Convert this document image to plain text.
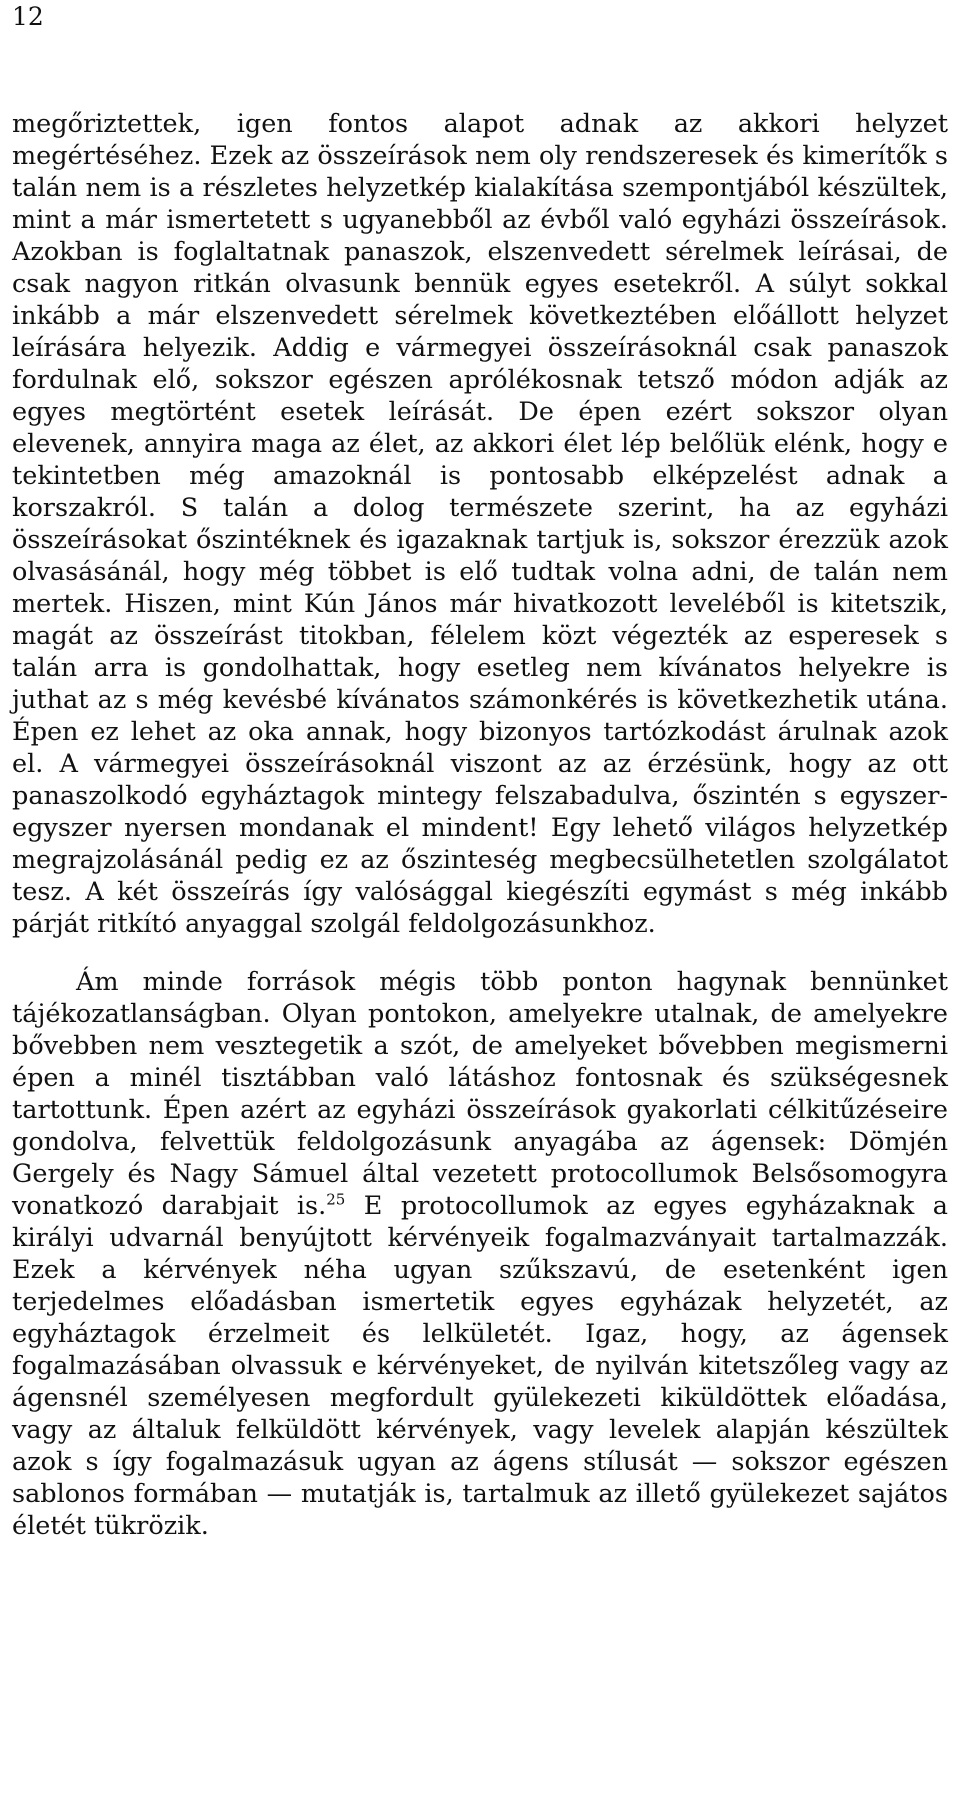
12

megőriztettek, igen fontos alapot adnak az akkori helyzet megértéséhez. Ezek az összeírások nem oly rendszeresek és kimerítők s talán nem is a részletes helyzetkép kialakítása szempontjából készültek, mint a már ismertetett s ugyanebből az évből való egyházi összeírások. Azokban is foglaltatnak panaszok, elszenvedett sérelmek leírásai, de csak nagyon ritkán olvasunk bennük egyes esetekről. A súlyt sokkal inkább a már elszenvedett sérelmek következtében előállott helyzet leírására helyezik. Addig e vármegyei összeírásoknál csak panaszok fordulnak elő, sokszor egészen aprólékosnak tetsző módon adják az egyes megtörtént esetek leírását. De épen ezért sokszor olyan elevenek, annyira maga az élet, az akkori élet lép belőlük elénk, hogy e tekintetben még amazoknál is pontosabb elképzelést adnak a korszakról. S talán a dolog természete szerint, ha az egyházi összeírásokat őszintéknek és igazaknak tartjuk is, sokszor érezzük azok olvasásánál, hogy még többet is elő tudtak volna adni, de talán nem mertek. Hiszen, mint Kún János már hivatkozott leveléből is kitetszik, magát az összeírást titokban, félelem közt végezték az esperesek s talán arra is gondolhattak, hogy esetleg nem kívánatos helyekre is juthat az s még kevésbé kívánatos számonkérés is következhetik utána. Épen ez lehet az oka annak, hogy bizonyos tartózkodást árulnak azok el. A vármegyei összeírásoknál viszont az az érzésünk, hogy az ott panaszolkodó egyháztagok mintegy felszabadulva, őszintén s egyszer-egyszer nyersen mondanak el mindent! Egy lehető világos helyzetkép megrajzolásánál pedig ez az őszinteség megbecsülhetetlen szolgálatot tesz. A két összeírás így valósággal kiegészíti egymást s még inkább párját ritkító anyaggal szolgál feldolgozásunkhoz.

Ám minde források mégis több ponton hagynak bennünket tájékozatlanságban. Olyan pontokon, amelyekre utalnak, de amelyekre bővebben nem vesztegetik a szót, de amelyeket bővebben megismerni épen a minél tisztábban való látáshoz fontosnak és szükségesnek tartottunk. Épen azért az egyházi összeírások gyakorlati célkitűzéseire gondolva, felvettük feldolgozásunk anyagába az ágensek: Dömjén Gergely és Nagy Sámuel által vezetett protocollumok Belsősomogyra vonatkozó darabjait is.$^{25}$ E protocollumok az egyes egyházaknak a királyi udvarnál benyújtott kérvényeik fogalmazványait tartalmazzák. Ezek a kérvények néha ugyan szűkszavú, de esetenként igen terjedelmes előadásban ismertetik egyes egyházak helyzetét, az egyháztagok érzelmeit és lelkületét. Igaz, hogy, az ágensek fogalmazásában olvassuk e kérvényeket, de nyilván kitetszőleg vagy az ágensnél személyesen megfordult gyülekezeti kiküldöttek előadása, vagy az általuk felküldött kérvények, vagy levelek alapján készültek azok s így fogalmazásuk ugyan az ágens stílusát — sokszor egészen sablonos formában — mutatják is, tartalmuk az illető gyülekezet sajátos életét tükrözik.
